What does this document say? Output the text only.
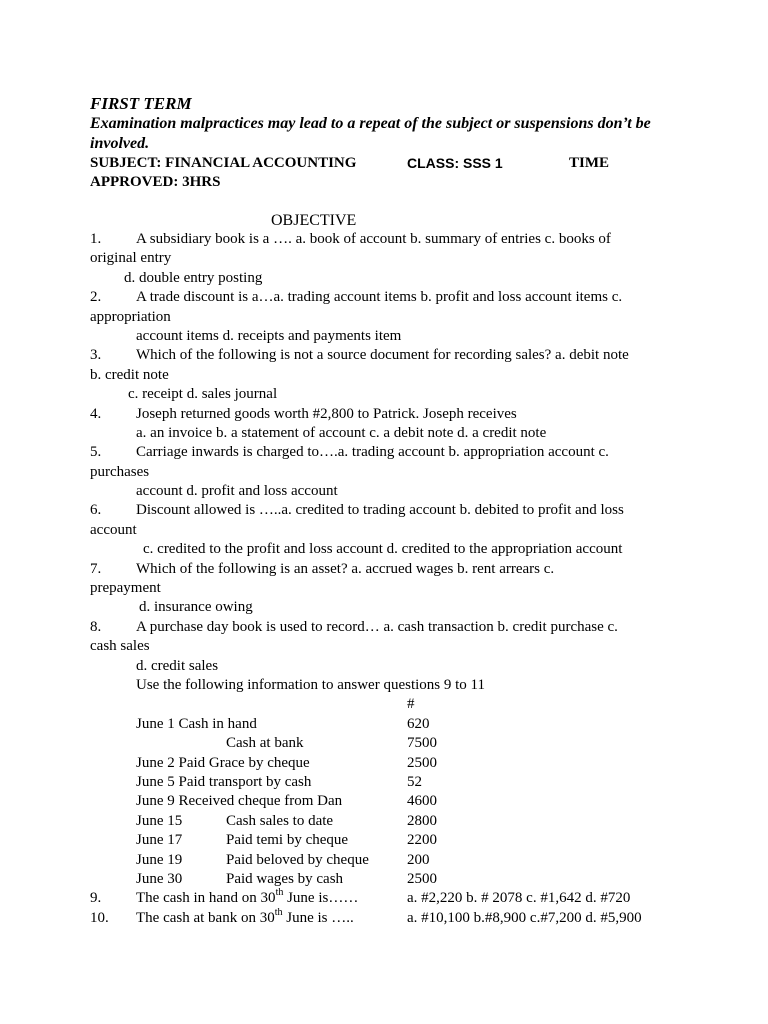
FIRST TERM
Examination malpractices may lead to a repeat of the subject or suspensions don’t be involved.
SUBJECT: FINANCIAL ACCOUNTING	CLASS: SSS 1	TIME
APPROVED: 3HRS
OBJECTIVE
1. A subsidiary book is a …. a. book of account b. summary of entries c. books of
original entry
d. double entry posting
2. A trade discount is a…a. trading account items b. profit and loss account items c.
appropriation
account items d. receipts and payments item
3. Which of the following is not a source document for recording sales? a. debit note
b. credit note
c. receipt d. sales journal
4. Joseph returned goods worth #2,800 to Patrick. Joseph receives
a. an invoice b. a statement of account c. a debit note d. a credit note
5. Carriage inwards is charged to….a. trading account b. appropriation account c.
purchases
account d. profit and loss account
6. Discount allowed is …..a. credited to trading account b. debited to profit and loss
account
c. credited to the profit and loss account d. credited to the appropriation account
7. Which of the following is an asset? a. accrued wages b. rent arrears c.
prepayment
d. insurance owing
8. A purchase day book is used to record… a. cash transaction b. credit purchase c.
cash sales
d. credit sales
Use the following information to answer questions 9 to 11
#
June 1 Cash in hand	620
Cash at bank	7500
June 2 Paid Grace by cheque	2500
June 5 Paid transport by cash	52
June 9 Received cheque from Dan	4600
June 15	Cash sales to date	2800
June 17	Paid temi by cheque	2200
June 19	Paid beloved by cheque	200
June 30	Paid wages by cash	2500
9. The cash in hand on 30th June is……	a. #2,220 b. # 2078 c. #1,642 d. #720
10. The cash at bank on 30th June is …..	a. #10,100 b.#8,900 c.#7,200 d. #5,900
